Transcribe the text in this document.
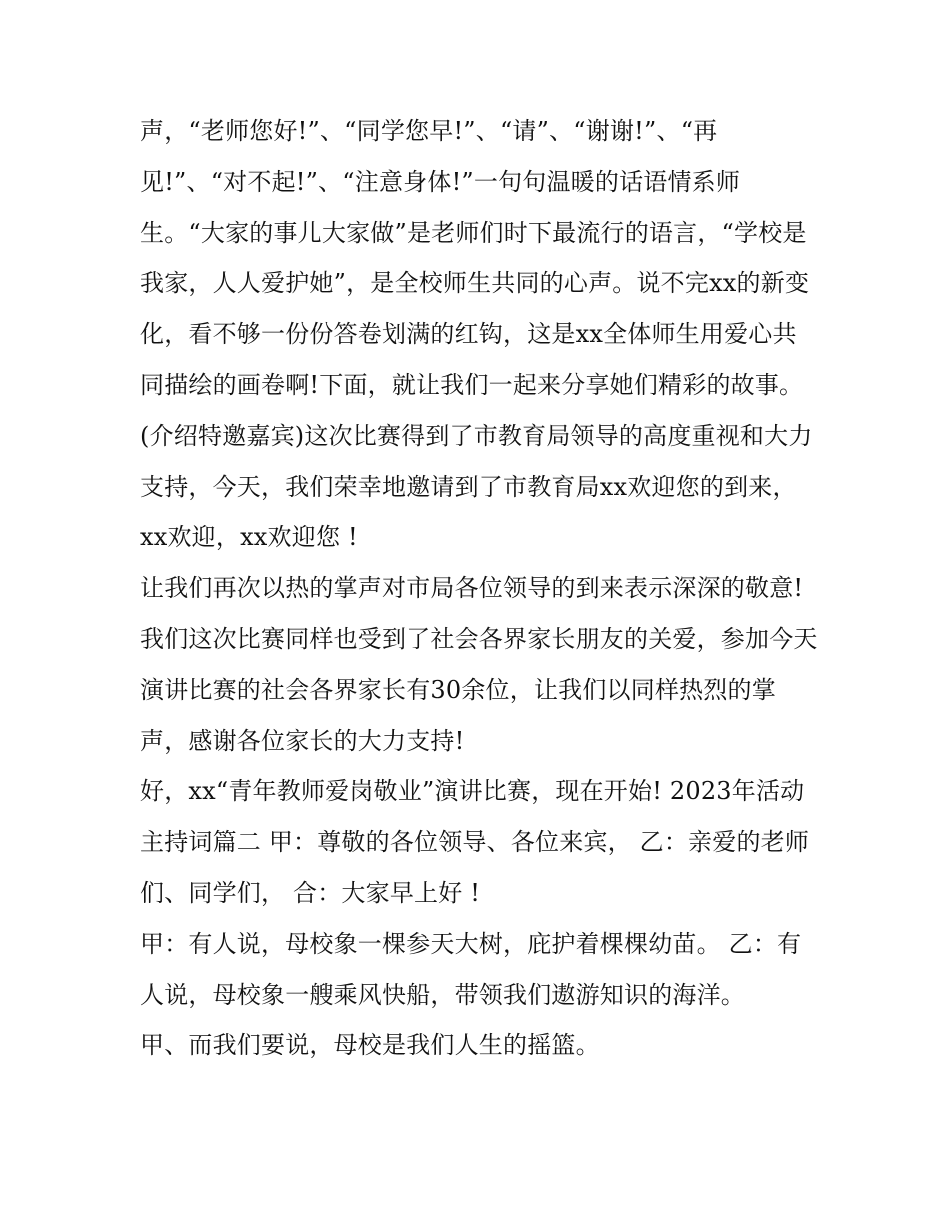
声，“老师您好!”、“同学您早!”、“请”、“谢谢!”、“再见!”、“对不起!”、“注意身体!”一句句温暖的话语情系师生。“大家的事儿大家做”是老师们时下最流行的语言，“学校是我家，人人爱护她”，是全校师生共同的心声。说不完xx的新变化，看不够一份份答卷划满的红钩，这是xx全体师生用爱心共同描绘的画卷啊!下面，就让我们一起来分享她们精彩的故事。

(介绍特邀嘉宾)这次比赛得到了市教育局领导的高度重视和大力支持，今天，我们荣幸地邀请到了市教育局xx欢迎您的到来，xx欢迎，xx欢迎您 !

让我们再次以热的掌声对市局各位领导的到来表示深深的敬意!

我们这次比赛同样也受到了社会各界家长朋友的关爱，参加今天演讲比赛的社会各界家长有30余位，让我们以同样热烈的掌声，感谢各位家长的大力支持!

好，xx“青年教师爱岗敬业”演讲比赛，现在开始! 2023年活动主持词篇二 甲：尊敬的各位领导、各位来宾， 乙：亲爱的老师们、同学们， 合：大家早上好 !

甲：有人说，母校象一棵参天大树，庇护着棵棵幼苗。 乙：有人说，母校象一艘乘风快船，带领我们遨游知识的海洋。

甲、而我们要说，母校是我们人生的摇篮。
